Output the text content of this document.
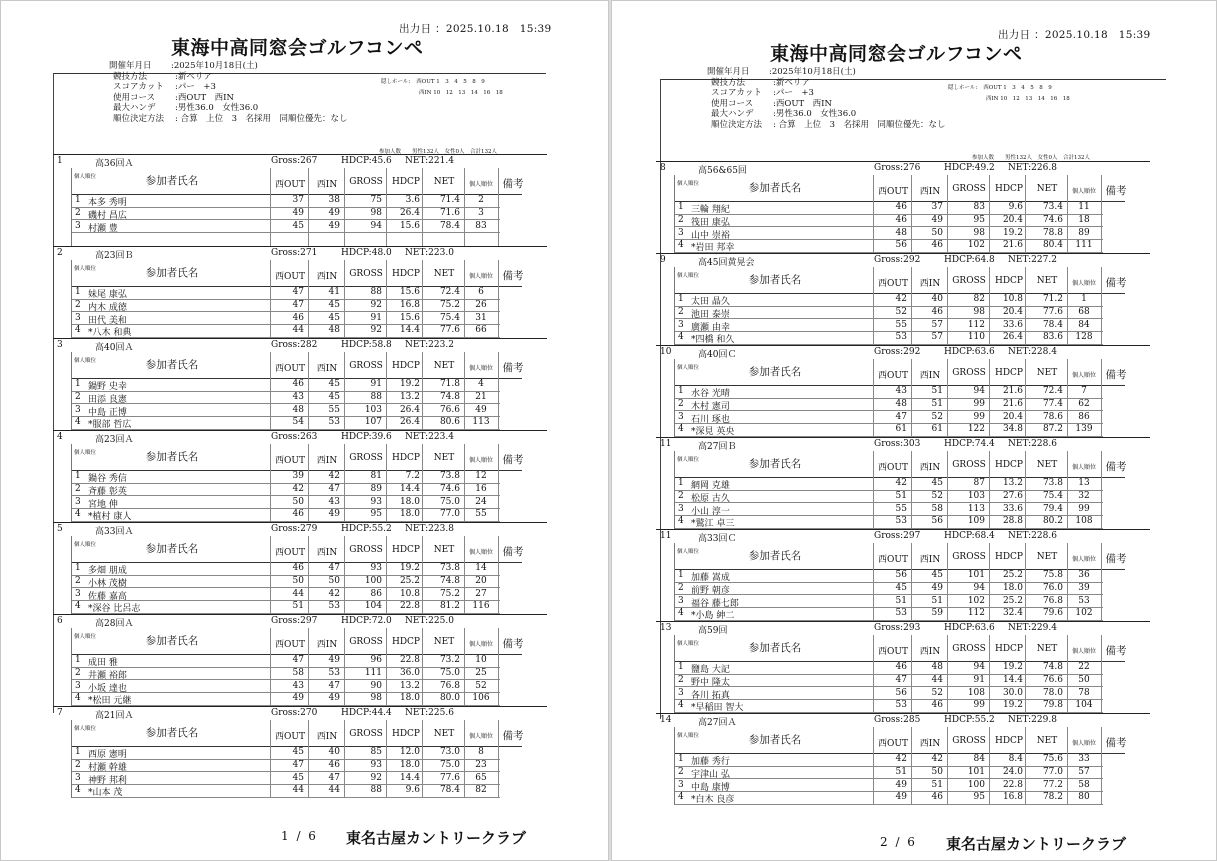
出力日 ：2025.10.18　15:39
東海中高同窓会ゴルフコンペ
開催年月日 :2025年10月18日(土)
競技方法	:新ペリア
スコアカット :パー　+3
使用コース :西OUT　西IN
最大ハンデ :男性36.0　女性36.0
順位決定方法 : 合算　上位　3　名採用　同順位優先：なし
隠しホール: 西OUT 1　3　4　5　8　9
西IN 10　12　13　14　16　18
参加人数　　男性132人　女性0人　合計132人
1	高36回Ａ	Gross:267	HDCP:45.6 NET:221.4
個人順位	参加者氏名	西OUT	西IN	GROSS	HDCP	NET	個人順位 備考
1 本多 秀明	37	38	75	3.6	71.4	2
2 磯村 昌広	49	49	98	26.4	71.6	3
3 村瀬 豊	45	49	94	15.6	78.4	83
2	高23回Ｂ	Gross:271	HDCP:48.0 NET:223.0
個人順位	参加者氏名	西OUT	西IN	GROSS	HDCP	NET	個人順位 備考
1 妹尾 康弘	47	41	88	15.6	72.4	6
2 内木 成徳	47	45	92	16.8	75.2	26
3 田代 美和	46	45	91	15.6	75.4	31
4 *八木 和典	44	48	92	14.4	77.6	66
3	高40回Ａ	Gross:282	HDCP:58.8 NET:223.2
個人順位	参加者氏名	西OUT	西IN	GROSS	HDCP	NET	個人順位 備考
1 鍋野 史幸	46	45	91	19.2	71.8	4
2 田添 良憲	43	45	88	13.2	74.8	21
3 中島 正博	48	55	103	26.4	76.6	49
4 *服部 哲広	54	53	107	26.4	80.6	113
4	高23回Ａ	Gross:263	HDCP:39.6 NET:223.4
個人順位	参加者氏名	西OUT	西IN	GROSS	HDCP	NET	個人順位 備考
1 鍋谷 秀信	39	42	81	7.2	73.8	12
2 斉藤 彰英	42	47	89	14.4	74.6	16
3 宮地 伸	50	43	93	18.0	75.0	24
4 *植村 康人	46	49	95	18.0	77.0	55
5	高33回Ａ	Gross:279	HDCP:55.2 NET:223.8
個人順位	参加者氏名	西OUT	西IN	GROSS	HDCP	NET	個人順位 備考
1 多畑 朋成	46	47	93	19.2	73.8	14
2 小林 茂樹	50	50	100	25.2	74.8	20
3 佐藤 嘉高	44	42	86	10.8	75.2	27
4 *深谷 比呂志	51	53	104	22.8	81.2	116
6	高28回Ａ	Gross:297	HDCP:72.0 NET:225.0
個人順位	参加者氏名	西OUT	西IN	GROSS	HDCP	NET	個人順位 備考
1 成田 雅	47	49	96	22.8	73.2	10
2 井瀬 裕郎	58	53	111	36.0	75.0	25
3 小坂 達也	43	47	90	13.2	76.8	52
4 *松田 元継	49	49	98	18.0	80.0	106
7	高21回Ａ	Gross:270	HDCP:44.4 NET:225.6
個人順位	参加者氏名	西OUT	西IN	GROSS	HDCP	NET	個人順位 備考
1 西原 憲明	45	40	85	12.0	73.0	8
2 村瀬 幹雄	47	46	93	18.0	75.0	23
3 神野 邦利	45	47	92	14.4	77.6	65
4 *山本 茂	44	44	88	9.6	78.4	82
1 / 6 東名古屋カントリークラブ
出力日 ：2025.10.18　15:39
東海中高同窓会ゴルフコンペ
開催年月日 :2025年10月18日(土)
競技方法	:新ペリア
スコアカット :パー　+3
使用コース :西OUT　西IN
最大ハンデ :男性36.0　女性36.0
順位決定方法 : 合算　上位　3　名採用　同順位優先：なし
隠しホール: 西OUT 1　3　4　5　8　9
西IN 10　12　13　14　16　18
参加人数　　男性132人　女性0人　合計132人
8	高56&65回	Gross:276	HDCP:49.2 NET:226.8
個人順位	参加者氏名	西OUT	西IN	GROSS	HDCP	NET	個人順位 備考
1 三輪 翔紀	46	37	83	9.6	73.4	11
2 筏田 康弘	46	49	95	20.4	74.6	18
3 山中 崇裕	48	50	98	19.2	78.8	89
4 *岩田 邦幸	56	46	102	21.6	80.4	111
9	高45回黄晃会	Gross:292	HDCP:64.8 NET:227.2
個人順位	参加者氏名	西OUT	西IN	GROSS	HDCP	NET	個人順位 備考
1 太田 晶久	42	40	82	10.8	71.2	1
2 池田 泰崇	52	46	98	20.4	77.6	68
3 廣瀬 由幸	55	57	112	33.6	78.4	84
4 *四橋 和久	53	57	110	26.4	83.6	128
10	高40回Ｃ	Gross:292	HDCP:63.6 NET:228.4
個人順位	参加者氏名	西OUT	西IN	GROSS	HDCP	NET	個人順位 備考
1 水谷 光晴	43	51	94	21.6	72.4	7
2 木村 憲司	48	51	99	21.6	77.4	62
3 石川 琢也	47	52	99	20.4	78.6	86
4 *深見 英央	61	61	122	34.8	87.2	139
11	高27回Ｂ	Gross:303	HDCP:74.4 NET:228.6
個人順位	参加者氏名	西OUT	西IN	GROSS	HDCP	NET	個人順位 備考
1 網岡 克雄	42	45	87	13.2	73.8	13
2 松原 古久	51	52	103	27.6	75.4	32
3 小山 淳一	55	58	113	33.6	79.4	99
4 *鷲江 卓三	53	56	109	28.8	80.2	108
11	高33回Ｃ	Gross:297	HDCP:68.4 NET:228.6
個人順位	参加者氏名	西OUT	西IN	GROSS	HDCP	NET	個人順位 備考
1 加藤 嵩成	56	45	101	25.2	75.8	36
2 前野 朝彦	45	49	94	18.0	76.0	39
3 福谷 藤七郎	51	51	102	25.2	76.8	53
4 *小島 紳二	53	59	112	32.4	79.6	102
13	高59回	Gross:293	HDCP:63.6 NET:229.4
個人順位	参加者氏名	西OUT	西IN	GROSS	HDCP	NET	個人順位 備考
1 鹽島 大記	46	48	94	19.2	74.8	22
2 野中 隆太	47	44	91	14.4	76.6	50
3 各川 拓真	56	52	108	30.0	78.0	78
4 *早稲田 智大	53	46	99	19.2	79.8	104
14	高27回Ａ	Gross:285	HDCP:55.2 NET:229.8
個人順位	参加者氏名	西OUT	西IN	GROSS	HDCP	NET	個人順位 備考
1 加藤 秀行	42	42	84	8.4	75.6	33
2 宇津山 弘	51	50	101	24.0	77.0	57
3 中島 康博	49	51	100	22.8	77.2	58
4 *白木 良彦	49	46	95	16.8	78.2	80
2 / 6 東名古屋カントリークラブ
